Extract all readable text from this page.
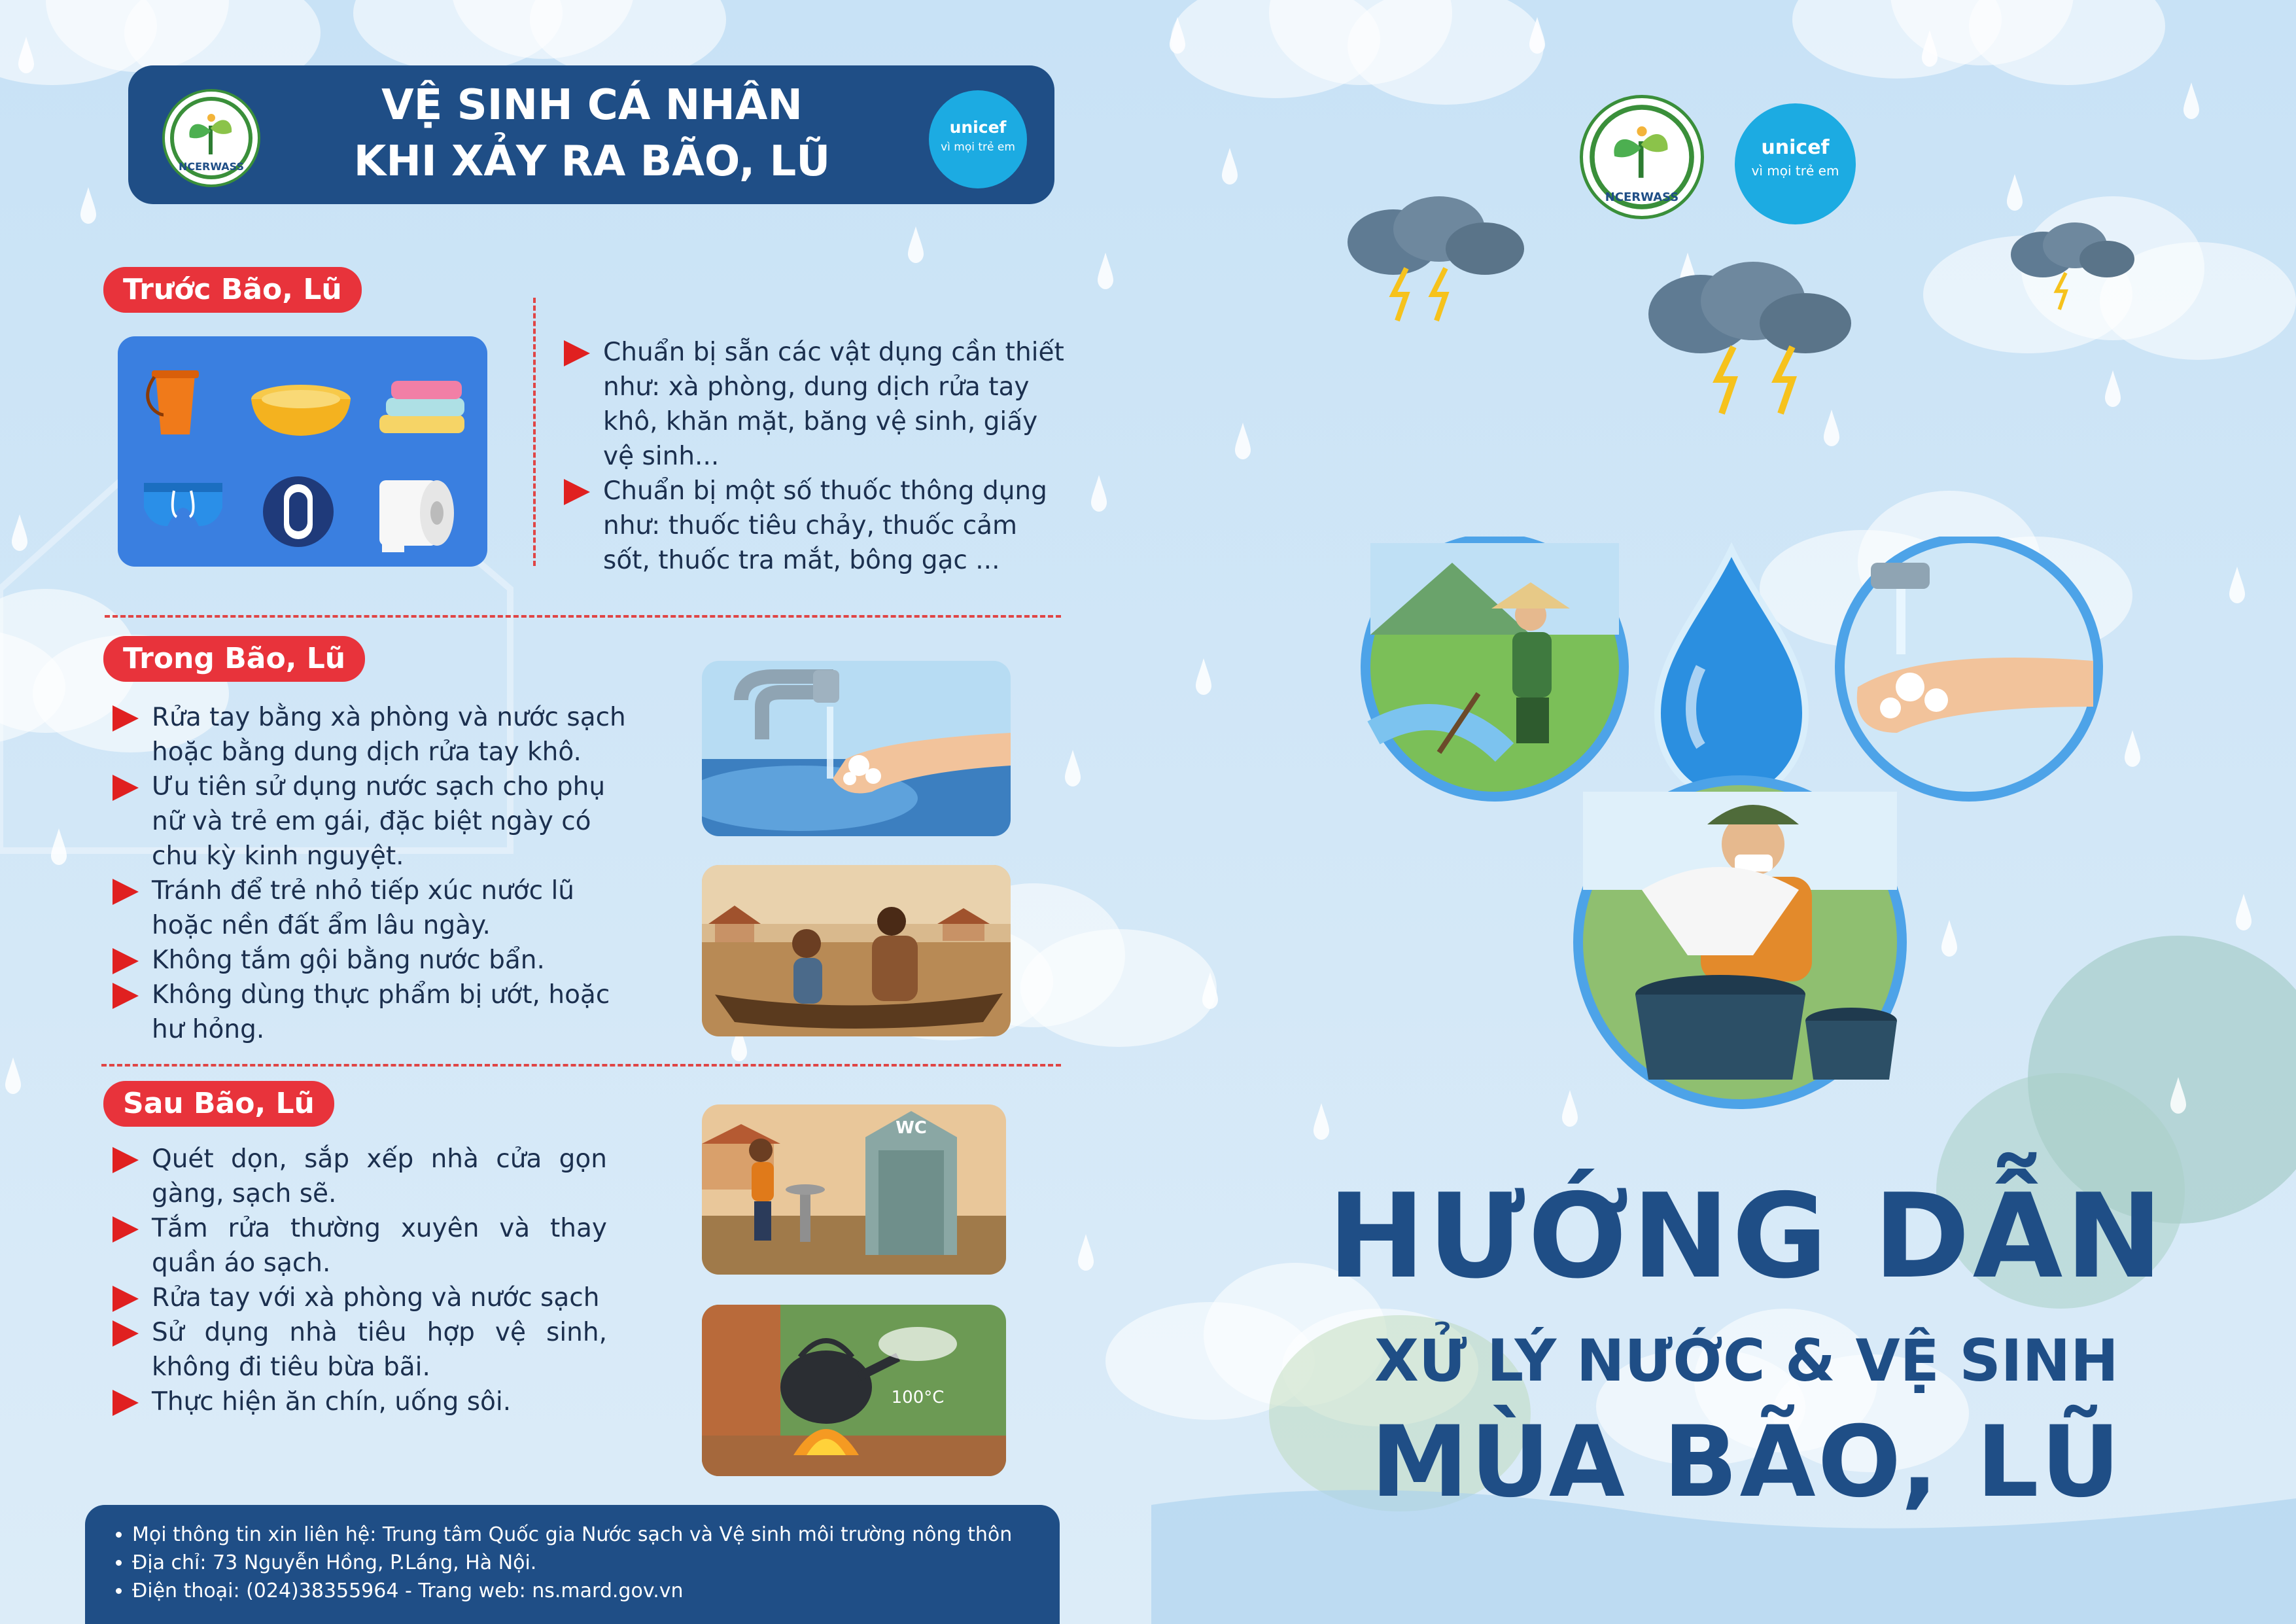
NCERWASS
VỆ SINH CÁ NHÂN
KHI XẢY RA BÃO, LŨ
unicef
vì mọi trẻ em
Trước Bão, Lũ
Chuẩn bị sẵn các vật dụng cần thiết như: xà phòng, dung dịch rửa tay khô, khăn mặt, băng vệ sinh, giấy vệ sinh...
Chuẩn bị một số thuốc thông dụng như: thuốc tiêu chảy, thuốc cảm sốt, thuốc tra mắt, bông gạc ...
Trong Bão, Lũ
Rửa tay bằng xà phòng và nước sạch hoặc bằng dung dịch rửa tay khô.
Ưu tiên sử dụng nước sạch cho phụ nữ và trẻ em gái, đặc biệt ngày có chu kỳ kinh nguyệt.
Tránh để trẻ nhỏ tiếp xúc nước lũ hoặc nền đất ẩm lâu ngày.
Không tắm gội bằng nước bẩn.
Không dùng thực phẩm bị ướt, hoặc hư hỏng.
Sau Bão, Lũ
Quét dọn, sắp xếp nhà cửa gọn gàng, sạch sẽ.
Tắm rửa thường xuyên và thay quần áo sạch.
Rửa tay với xà phòng và nước sạch
Sử dụng nhà tiêu hợp vệ sinh, không đi tiêu bừa bãi.
Thực hiện ăn chín, uống sôi.
WC
100°C
• Mọi thông tin xin liên hệ: Trung tâm Quốc gia Nước sạch và Vệ sinh môi trường nông thôn
• Địa chỉ: 73 Nguyễn Hồng, P.Láng, Hà Nội.
• Điện thoại: (024)38355964 - Trang web: ns.mard.gov.vn
NCERWASS
unicef
vì mọi trẻ em
HƯỚNG DẪN
XỬ LÝ NƯỚC & VỆ SINH
MÙA BÃO, LŨ
